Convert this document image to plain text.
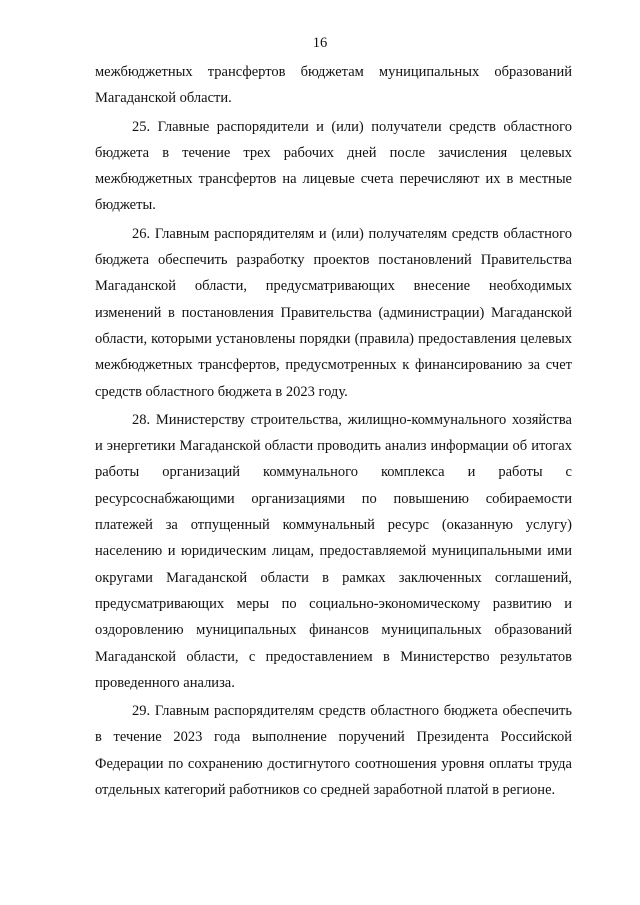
16

межбюджетных трансфертов бюджетам муниципальных образований Магаданской области.

25. Главные распорядители и (или) получатели средств областного бюджета в течение трех рабочих дней после зачисления целевых межбюджетных трансфертов на лицевые счета перечисляют их в местные бюджеты.

26. Главным распорядителям и (или) получателям средств областного бюджета обеспечить разработку проектов постановлений Правительства Магаданской области, предусматривающих внесение необходимых изменений в постановления Правительства (администрации) Магаданской области, которыми установлены порядки (правила) предоставления целевых межбюджетных трансфертов, предусмотренных к финансированию за счет средств областного бюджета в 2023 году.

28. Министерству строительства, жилищно-коммунального хозяйства и энергетики Магаданской области проводить анализ информации об итогах работы организаций коммунального комплекса и работы с ресурсоснабжающими организациями по повышению собираемости платежей за отпущенный коммунальный ресурс (оказанную услугу) населению и юридическим лицам, предоставляемой муниципальными ими округами Магаданской области в рамках заключенных соглашений, предусматривающих меры по социально-экономическому развитию и оздоровлению муниципальных финансов муниципальных образований Магаданской области, с предоставлением в Министерство результатов проведенного анализа.

29. Главным распорядителям средств областного бюджета обеспечить в течение 2023 года выполнение поручений Президента Российской Федерации по сохранению достигнутого соотношения уровня оплаты труда отдельных категорий работников со средней заработной платой в регионе.
